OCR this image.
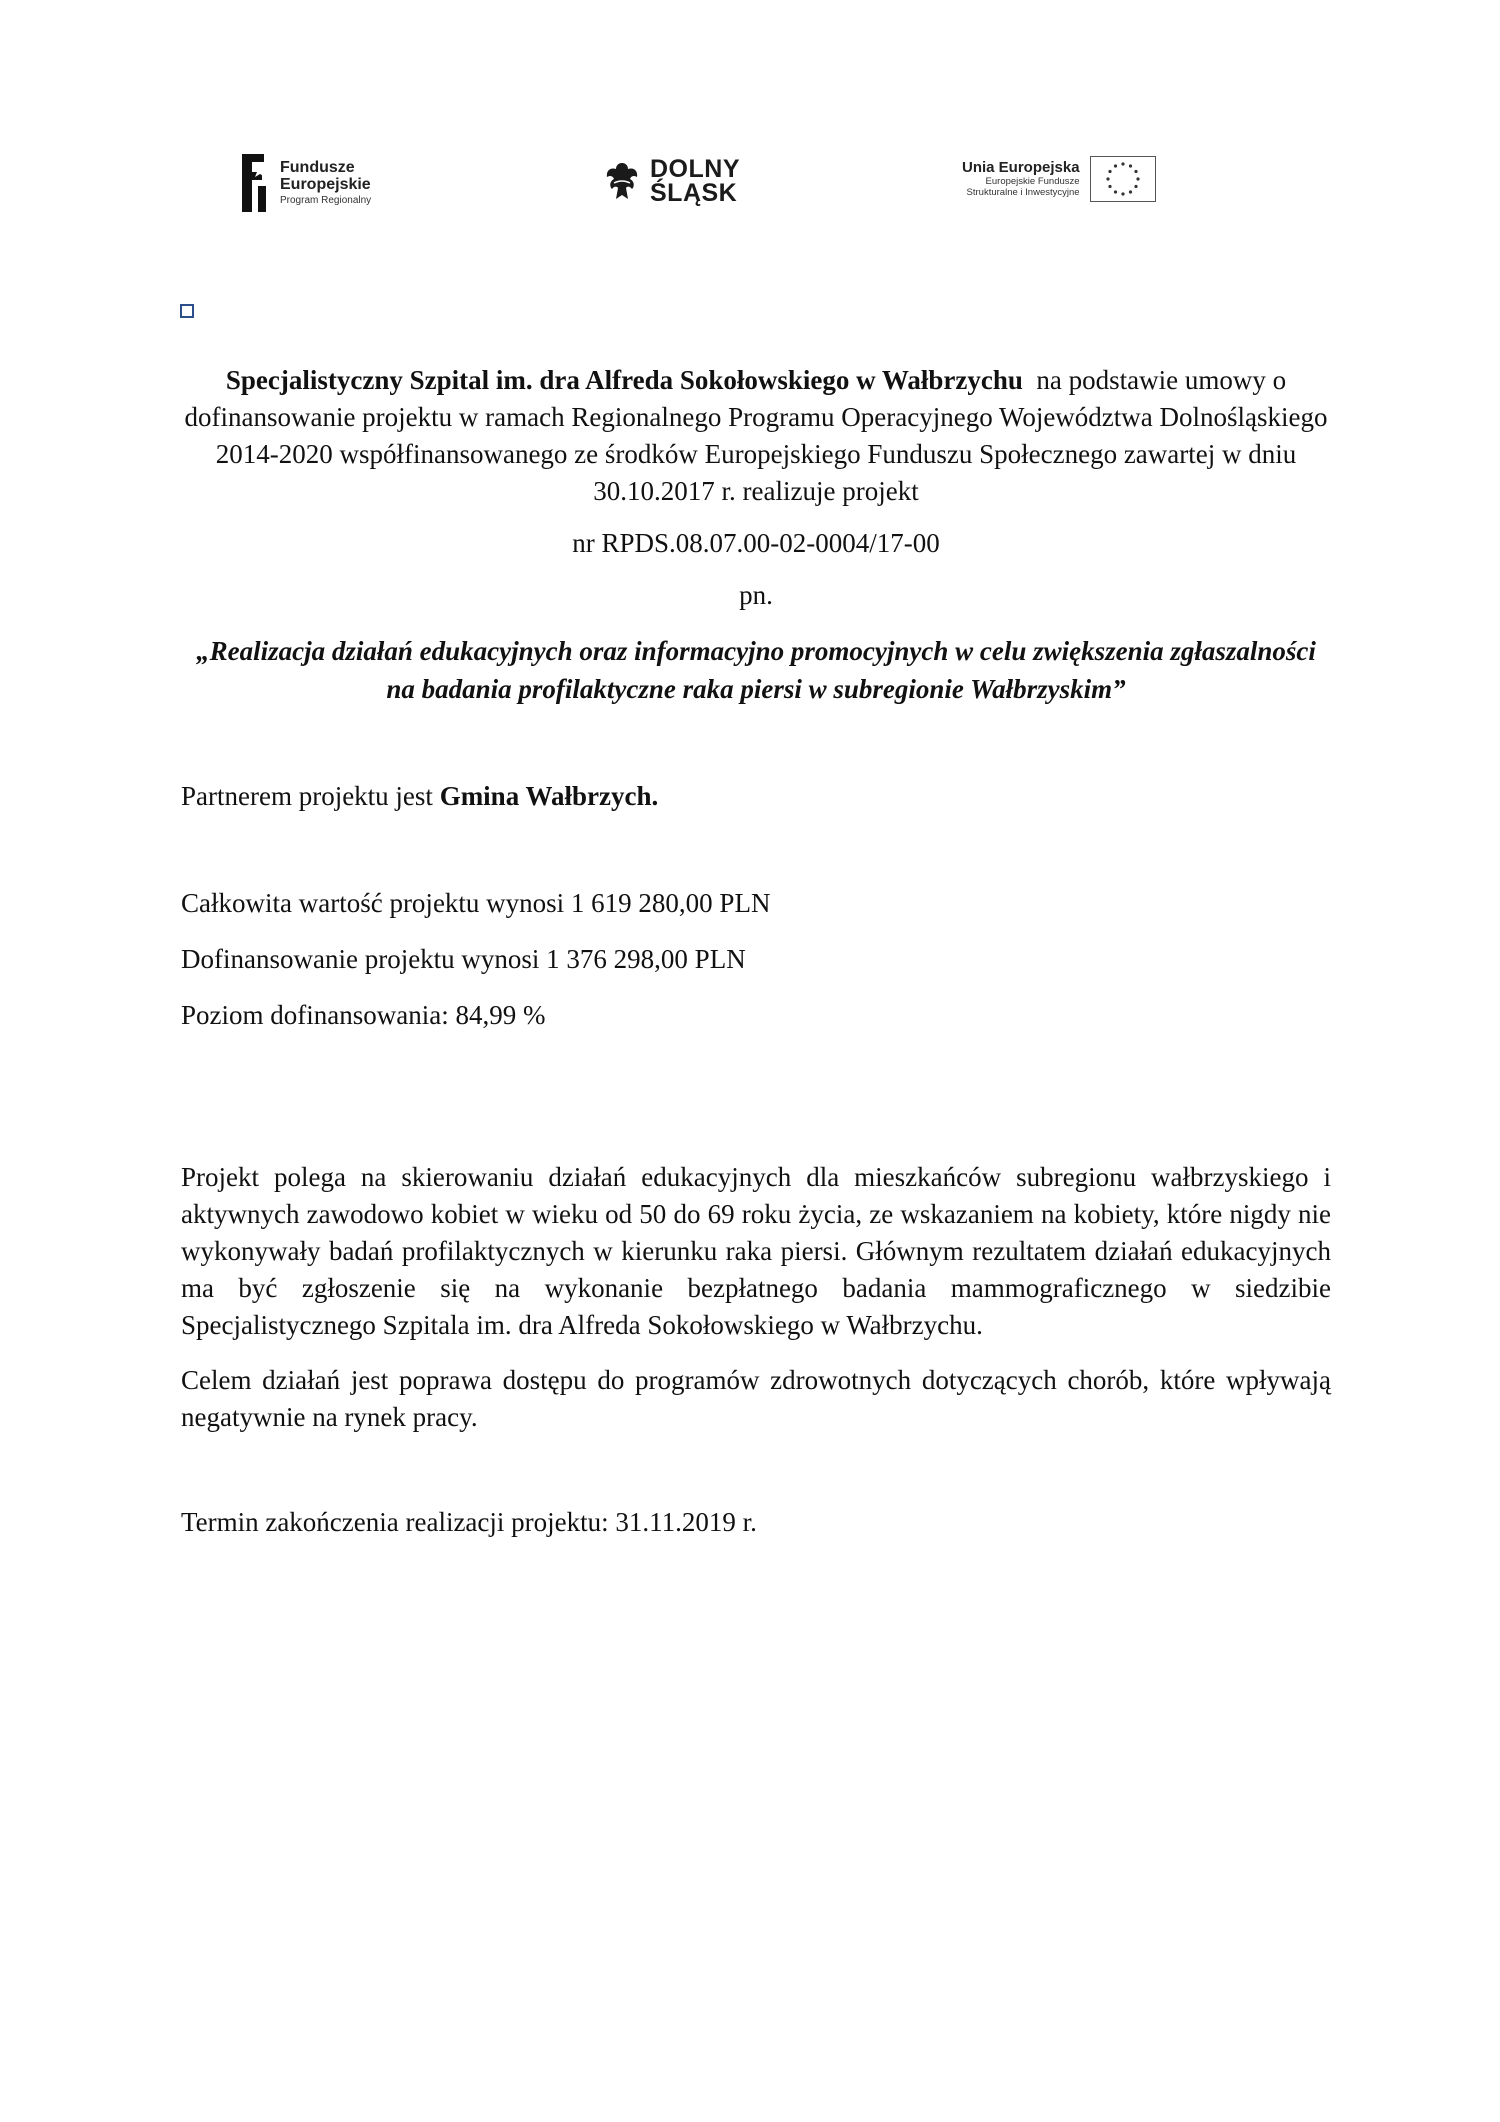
Fundusze
Europejskie
Program Regionalny
DOLNY
ŚLĄSK
Unia Europejska
Europejskie Fundusze
Strukturalne i Inwestycyjne

Specjalistyczny Szpital im. dra Alfreda Sokołowskiego w Wałbrzychu na podstawie umowy o dofinansowanie projektu w ramach Regionalnego Programu Operacyjnego Województwa Dolnośląskiego 2014-2020 współfinansowanego ze środków Europejskiego Funduszu Społecznego zawartej w dniu 30.10.2017 r. realizuje projekt

nr RPDS.08.07.00-02-0004/17-00

pn.

„Realizacja działań edukacyjnych oraz informacyjno promocyjnych w celu zwiększenia zgłaszalności na badania profilaktyczne raka piersi w subregionie Wałbrzyskim”

Partnerem projektu jest Gmina Wałbrzych.

Całkowita wartość projektu wynosi 1 619 280,00 PLN

Dofinansowanie projektu wynosi 1 376 298,00 PLN

Poziom dofinansowania: 84,99 %

Projekt polega na skierowaniu działań edukacyjnych dla mieszkańców subregionu wałbrzyskiego i aktywnych zawodowo kobiet w wieku od 50 do 69 roku życia, ze wskazaniem na kobiety, które nigdy nie wykonywały badań profilaktycznych w kierunku raka piersi. Głównym rezultatem działań edukacyjnych ma być zgłoszenie się na wykonanie bezpłatnego badania mammograficznego w siedzibie Specjalistycznego Szpitala im. dra Alfreda Sokołowskiego w Wałbrzychu.

Celem działań jest poprawa dostępu do programów zdrowotnych dotyczących chorób, które wpływają negatywnie na rynek pracy.

Termin zakończenia realizacji projektu: 31.11.2019 r.
